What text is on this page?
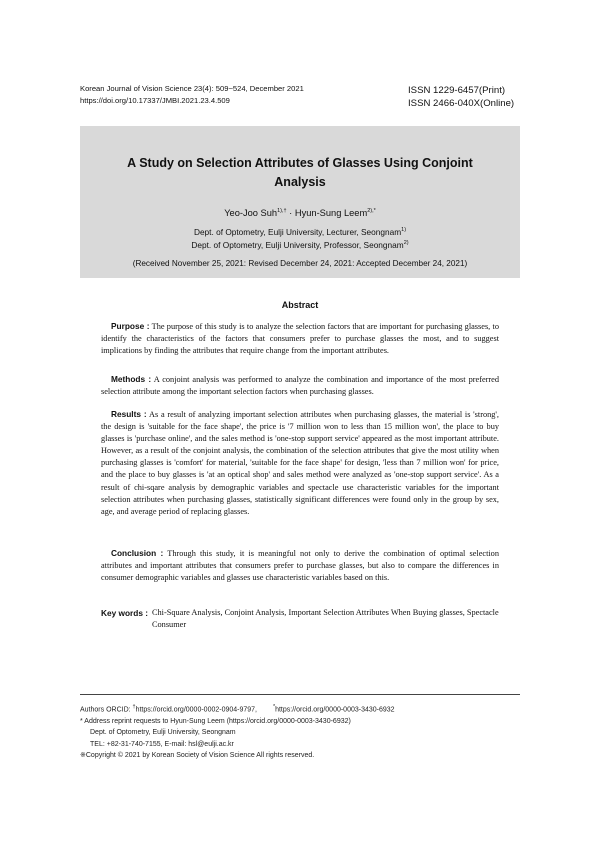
Korean Journal of Vision Science 23(4): 509~524, December 2021
https://doi.org/10.17337/JMBI.2021.23.4.509
ISSN 1229-6457(Print)
ISSN 2466-040X(Online)
A Study on Selection Attributes of Glasses Using Conjoint
Analysis
Yeo-Joo Suh$^{1),\dagger}$ · Hyun-Sung Leem$^{2),*}$
Dept. of Optometry, Eulji University, Lecturer, Seongnam$^{1)}$
Dept. of Optometry, Eulji University, Professor, Seongnam$^{2)}$
(Received November 25, 2021: Revised December 24, 2021: Accepted December 24, 2021)
Abstract
Purpose : The purpose of this study is to analyze the selection factors that are important for purchasing glasses, to identify the characteristics of the factors that consumers prefer to purchase glasses the most, and to suggest implications by finding the attributes that require change from the important attributes.
Methods : A conjoint analysis was performed to analyze the combination and importance of the most preferred selection attribute among the important selection factors when purchasing glasses.
Results : As a result of analyzing important selection attributes when purchasing glasses, the material is 'strong', the design is 'suitable for the face shape', the price is '7 million won to less than 15 million won', the place to buy glasses is 'purchase online', and the sales method is 'one-stop support service' appeared as the most important attribute. However, as a result of the conjoint analysis, the combination of the selection attributes that give the most utility when purchasing glasses is 'comfort' for material, 'suitable for the face shape' for design, 'less than 7 million won' for price, and the place to buy glasses is 'at an optical shop' and sales method were analyzed as 'one-stop support service'. As a result of chi-sqare analysis by demographic variables and spectacle use characteristic variables for the important selection attributes when purchasing glasses, statistically significant differences were found only in the group by sex, age, and average period of replacing glasses.
Conclusion : Through this study, it is meaningful not only to derive the combination of optimal selection attributes and important attributes that consumers prefer to purchase glasses, but also to compare the differences in consumer demographic variables and glasses use characteristic variables based on this.
Key words : Chi-Square Analysis, Conjoint Analysis, Important Selection Attributes When Buying glasses, Spectacle Consumer
Authors ORCID: †https://orcid.org/0000-0002-0904-9797,	*https://orcid.org/0000-0003-3430-6932
* Address reprint requests to Hyun-Sung Leem (https://orcid.org/0000-0003-3430-6932)
Dept. of Optometry, Eulji University, Seongnam
TEL: +82-31-740-7155, E-mail: hsl@eulji.ac.kr
※Copyright © 2021 by Korean Society of Vision Science All rights reserved.
